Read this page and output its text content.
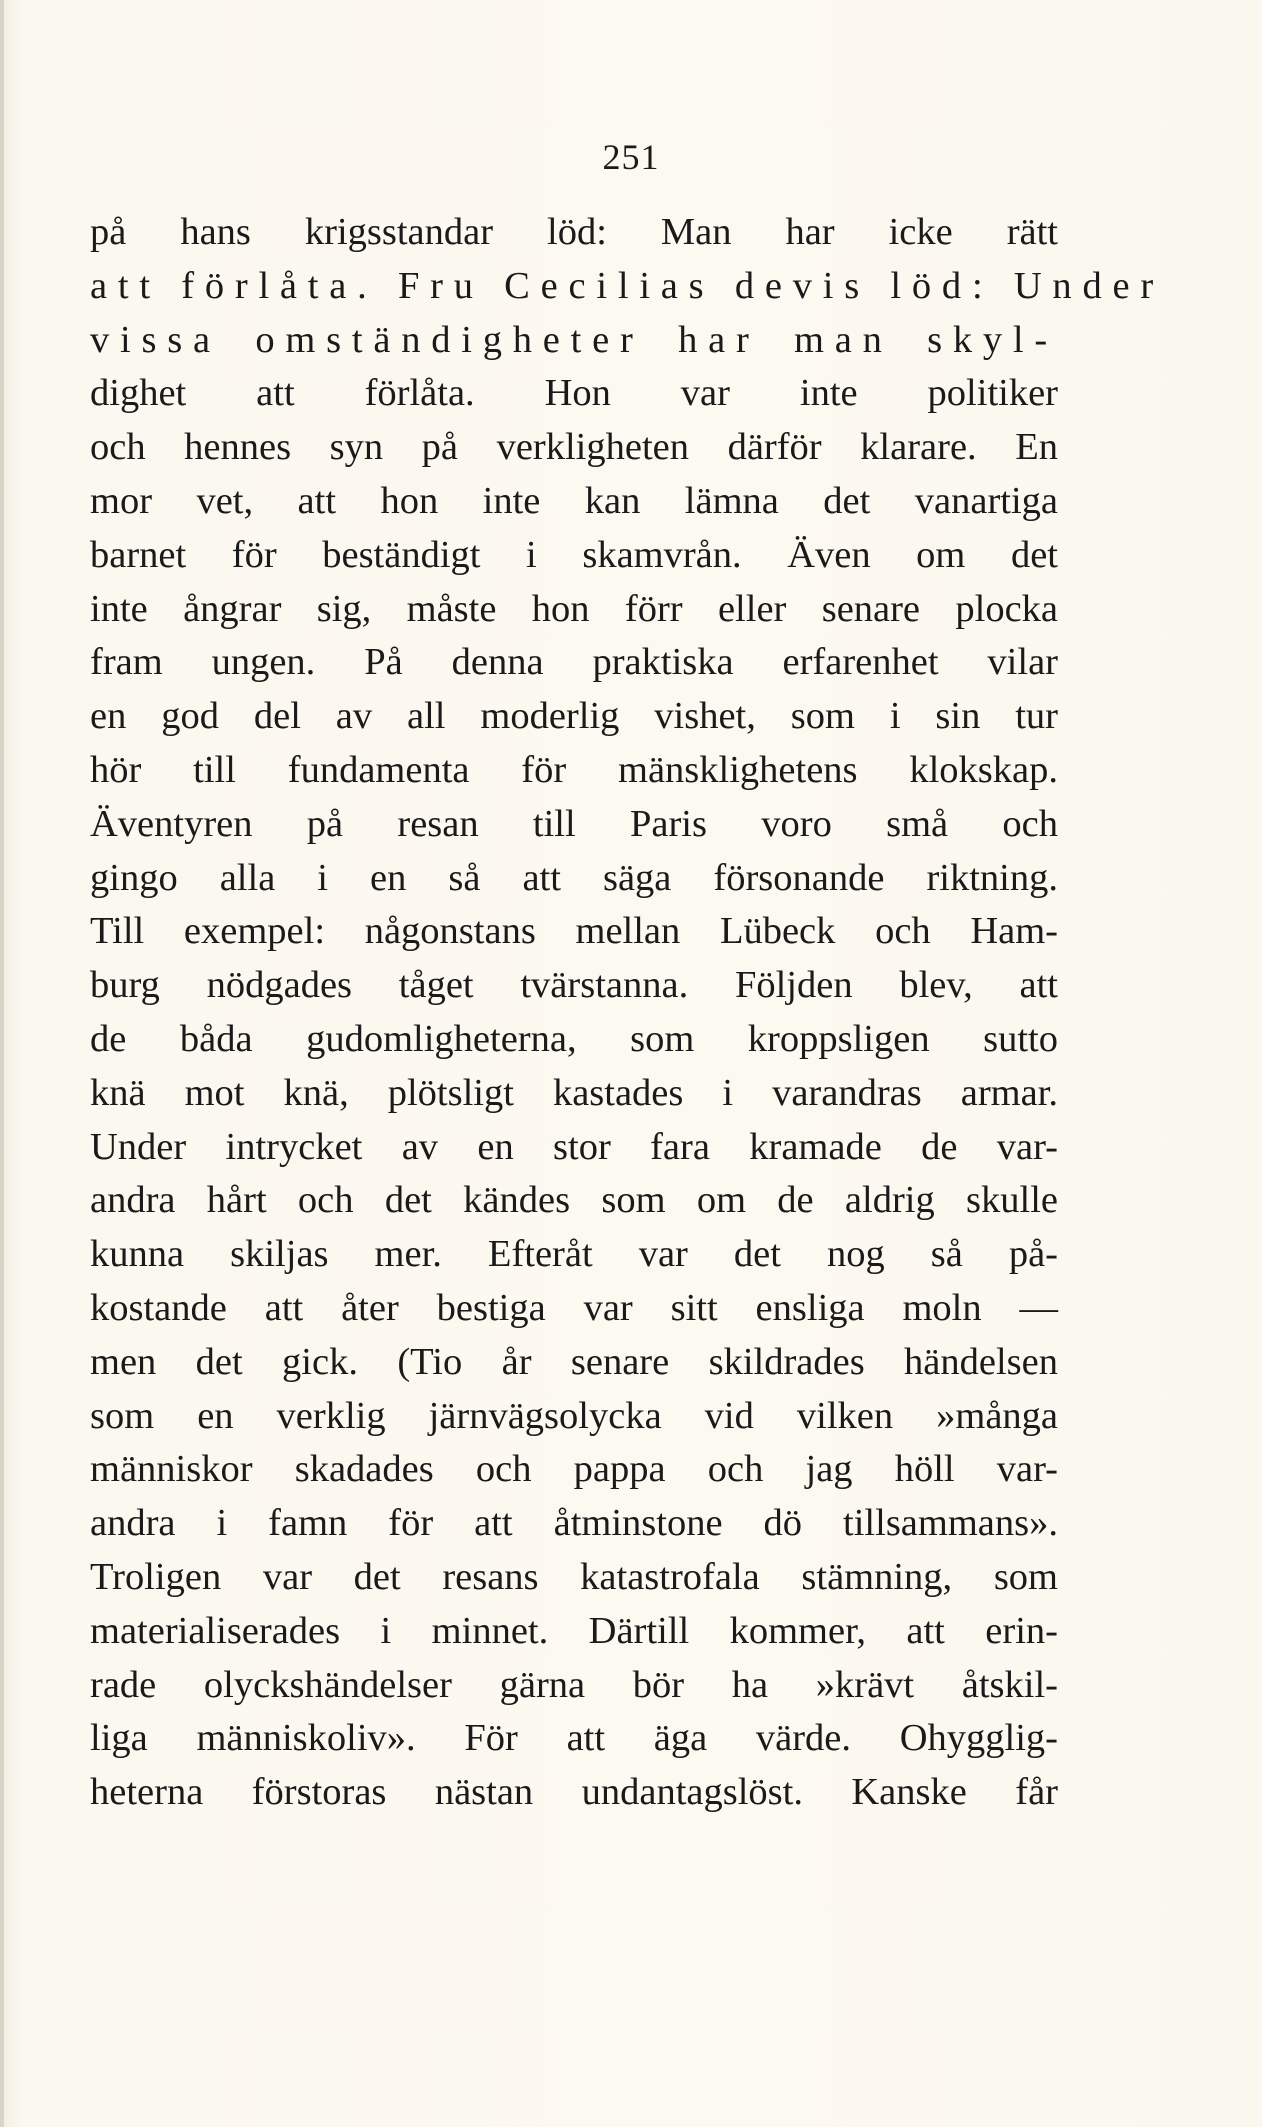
251
på hans krigsstandar löd: Man har icke rätt
att förlåta. Fru Cecilias devis löd: Under
vissa omständigheter har man skyl-
dighet att förlåta. Hon var inte politiker
och hennes syn på verkligheten därför klarare. En
mor vet, att hon inte kan lämna det vanartiga
barnet för beständigt i skamvrån. Även om det
inte ångrar sig, måste hon förr eller senare plocka
fram ungen. På denna praktiska erfarenhet vilar
en god del av all moderlig vishet, som i sin tur
hör till fundamenta för mänsklighetens klokskap.
Äventyren på resan till Paris voro små och
gingo alla i en så att säga försonande riktning.
Till exempel: någonstans mellan Lübeck och Ham-
burg nödgades tåget tvärstanna. Följden blev, att
de båda gudomligheterna, som kroppsligen sutto
knä mot knä, plötsligt kastades i varandras armar.
Under intrycket av en stor fara kramade de var-
andra hårt och det kändes som om de aldrig skulle
kunna skiljas mer. Efteråt var det nog så på-
kostande att åter bestiga var sitt ensliga moln —
men det gick. (Tio år senare skildrades händelsen
som en verklig järnvägsolycka vid vilken »många
människor skadades och pappa och jag höll var-
andra i famn för att åtminstone dö tillsammans».
Troligen var det resans katastrofala stämning, som
materialiserades i minnet. Därtill kommer, att erin-
rade olyckshändelser gärna bör ha »krävt åtskil-
liga människoliv». För att äga värde. Ohygglig-
heterna förstoras nästan undantagslöst. Kanske får
